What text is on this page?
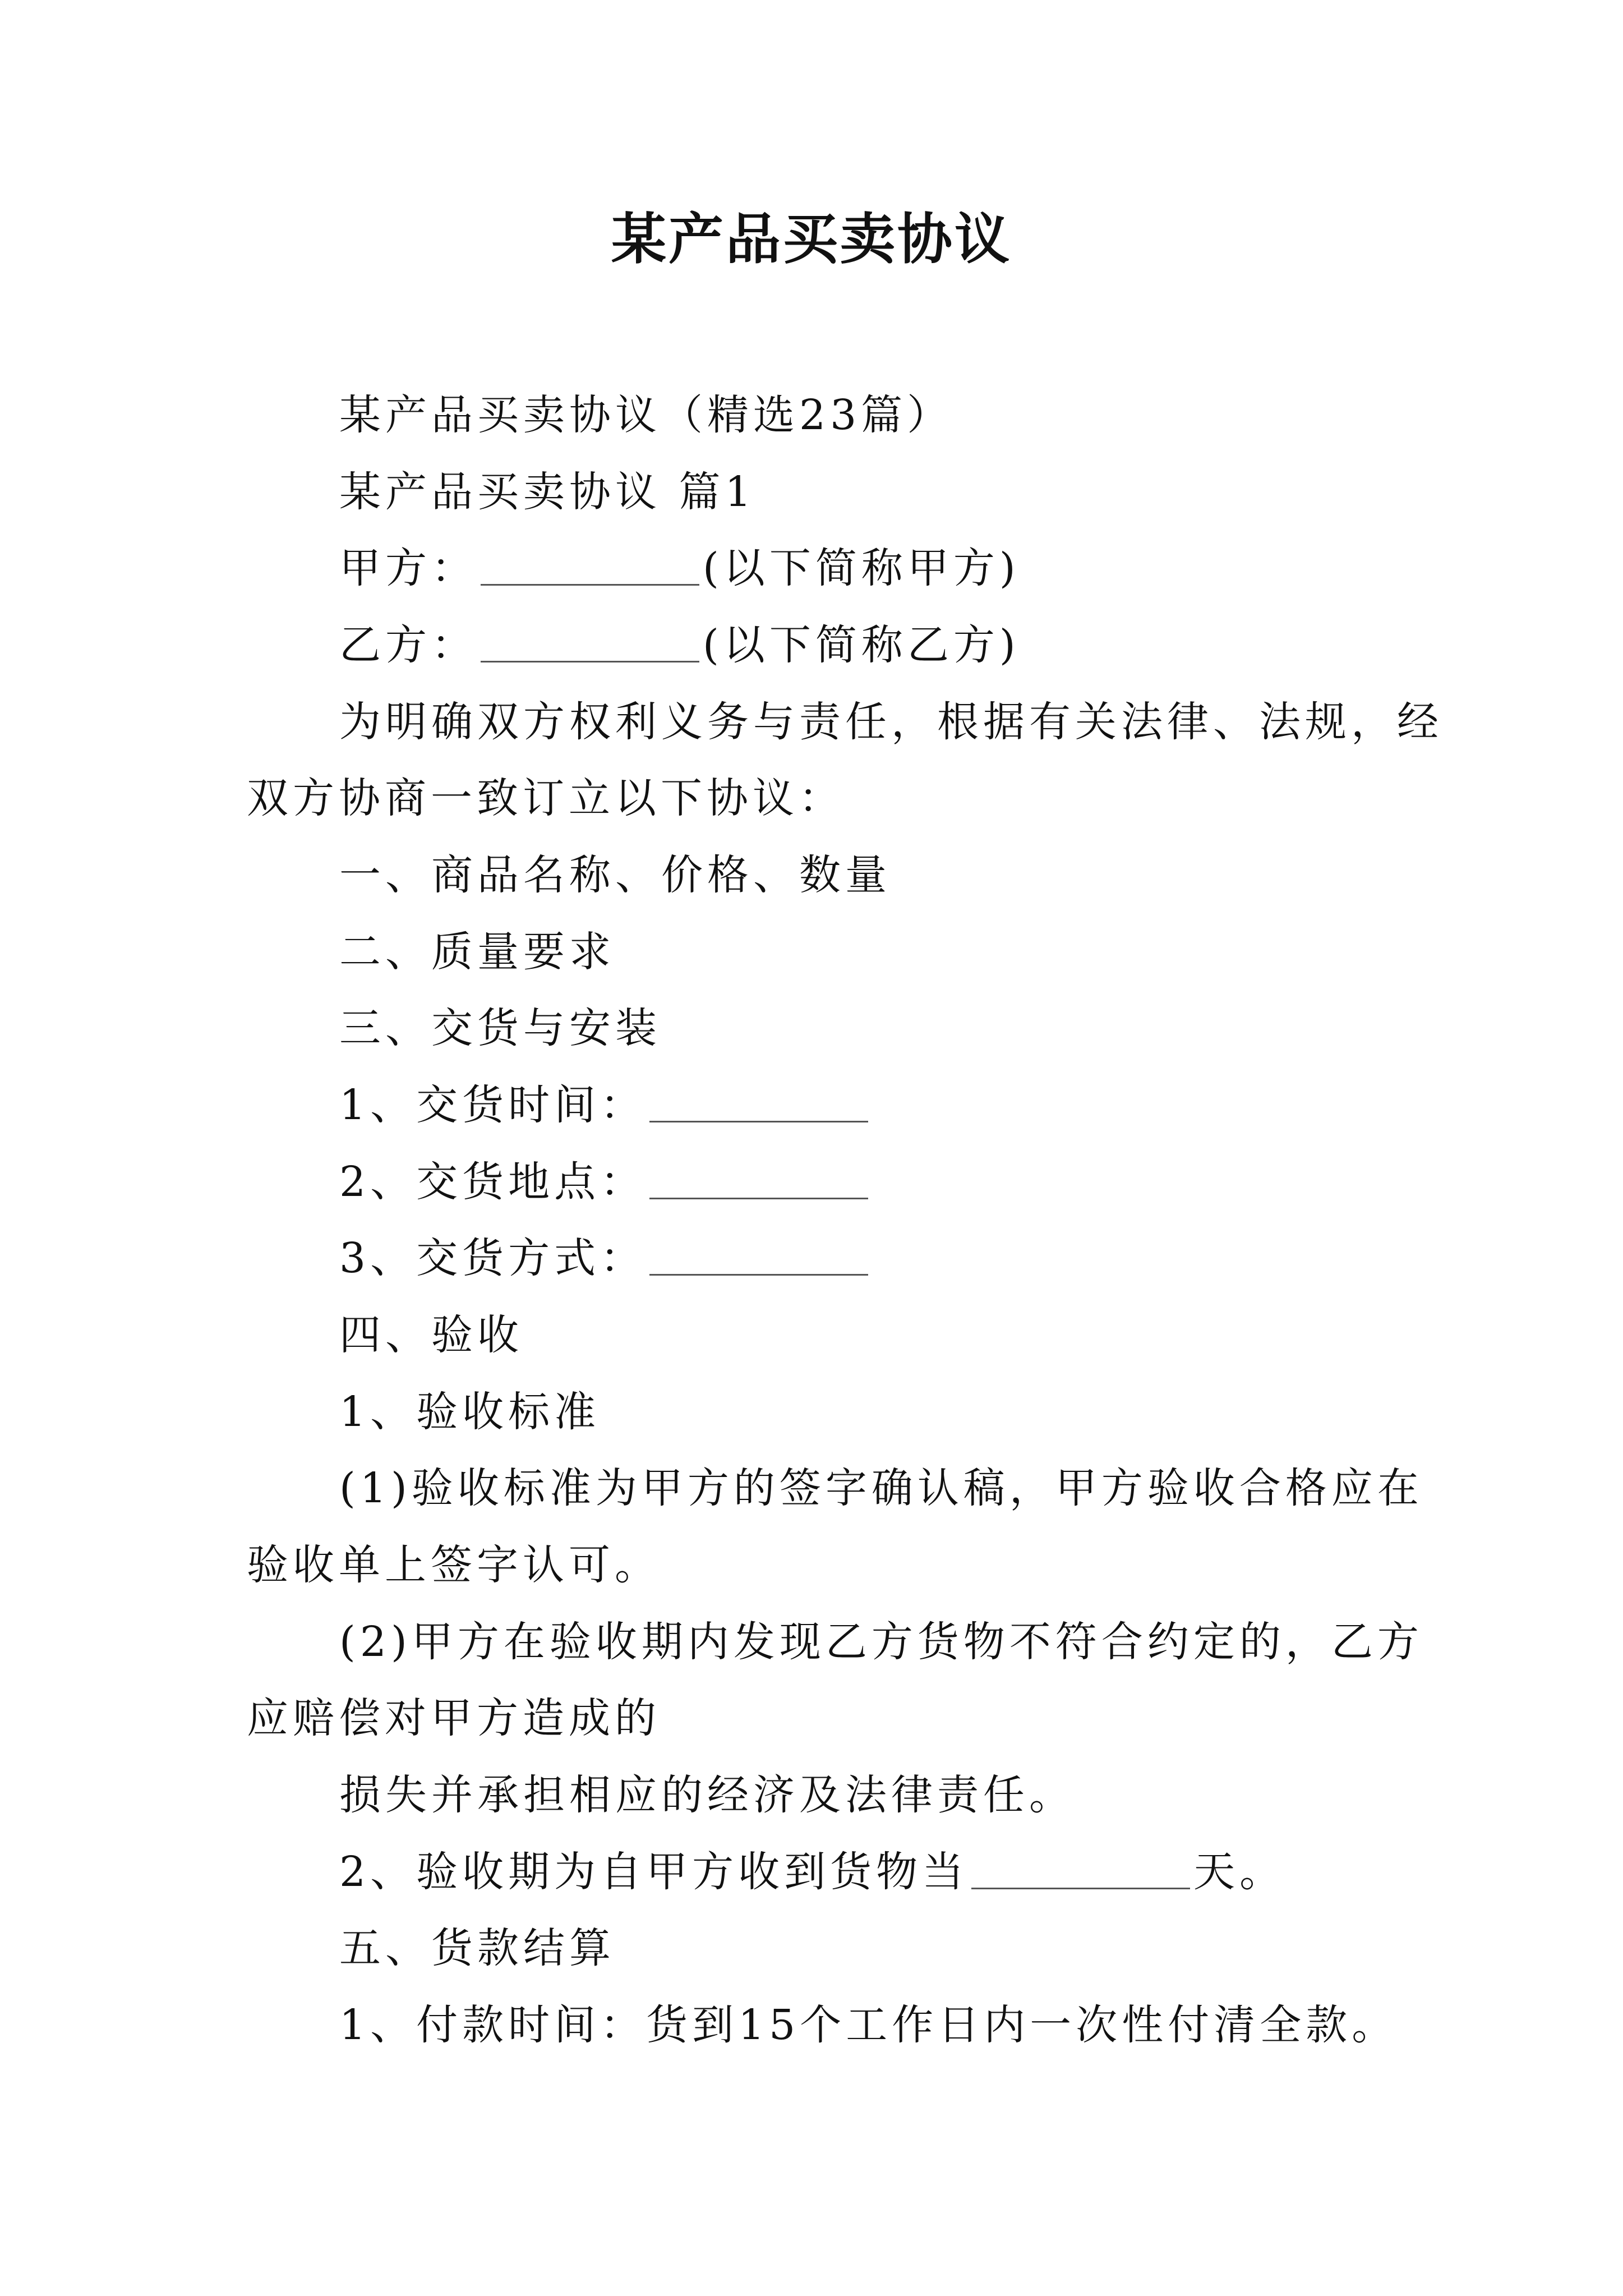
某产品买卖协议
某产品买卖协议（精选23篇）
某产品买卖协议 篇1
甲方：	(以下简称甲方)
乙方：	(以下简称乙方)
为明确双方权利义务与责任，根据有关法律、法规，经
双方协商一致订立以下协议：
一、商品名称、价格、数量
二、质量要求
三、交货与安装
1、交货时间：
2、交货地点：
3、交货方式：
四、验收
1、验收标准
(1)验收标准为甲方的签字确认稿，甲方验收合格应在
验收单上签字认可。
(2)甲方在验收期内发现乙方货物不符合约定的，乙方
应赔偿对甲方造成的
损失并承担相应的经济及法律责任。
2、验收期为自甲方收到货物当	天。
五、货款结算
1、付款时间：货到15个工作日内一次性付清全款。
